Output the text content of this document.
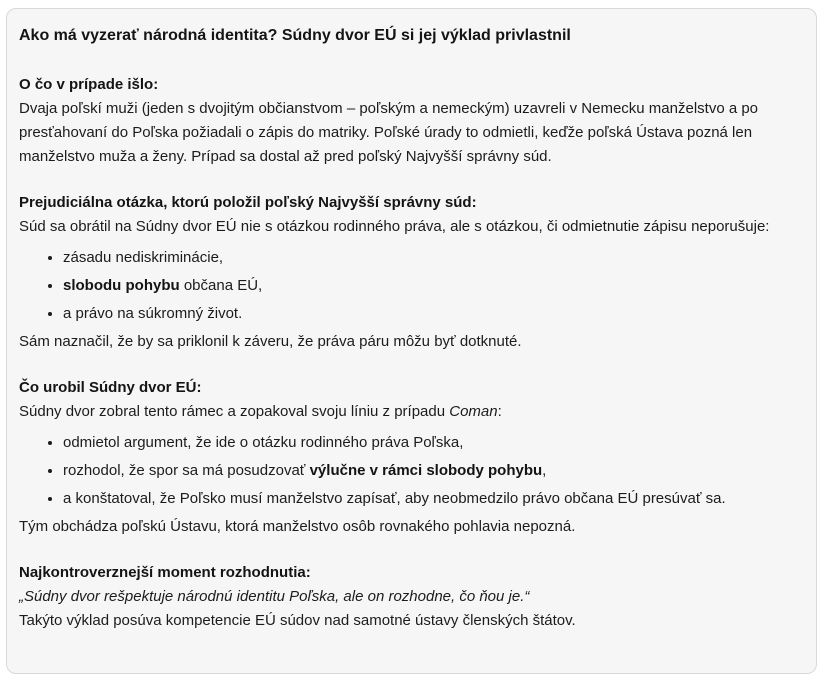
Ako má vyzerať národná identita? Súdny dvor EÚ si jej výklad privlastnil

O čo v prípade išlo:
Dvaja poľskí muži (jeden s dvojitým občianstvom – poľským a nemeckým) uzavreli v Nemecku manželstvo a po presťahovaní do Poľska požiadali o zápis do matriky. Poľské úrady to odmietli, keďže poľská Ústava pozná len manželstvo muža a ženy. Prípad sa dostal až pred poľský Najvyšší správny súd.

Prejudiciálna otázka, ktorú položil poľský Najvyšší správny súd:
Súd sa obrátil na Súdny dvor EÚ nie s otázkou rodinného práva, ale s otázkou, či odmietnutie zápisu neporušuje:

• zásadu nediskriminácie,
• slobodu pohybu občana EÚ,
• a právo na súkromný život.

Sám naznačil, že by sa priklonil k záveru, že práva páru môžu byť dotknuté.

Čo urobil Súdny dvor EÚ:
Súdny dvor zobral tento rámec a zopakoval svoju líniu z prípadu Coman:

• odmietol argument, že ide o otázku rodinného práva Poľska,
• rozhodol, že spor sa má posudzovať výlučne v rámci slobody pohybu,
• a konštatoval, že Poľsko musí manželstvo zapísať, aby neobmedzilo právo občana EÚ presúvať sa.

Tým obchádza poľskú Ústavu, ktorá manželstvo osôb rovnakého pohlavia nepozná.

Najkontroverznejší moment rozhodnutia:
„Súdny dvor rešpektuje národnú identitu Poľska, ale on rozhodne, čo ňou je.“
Takýto výklad posúva kompetencie EÚ súdov nad samotné ústavy členských štátov.
